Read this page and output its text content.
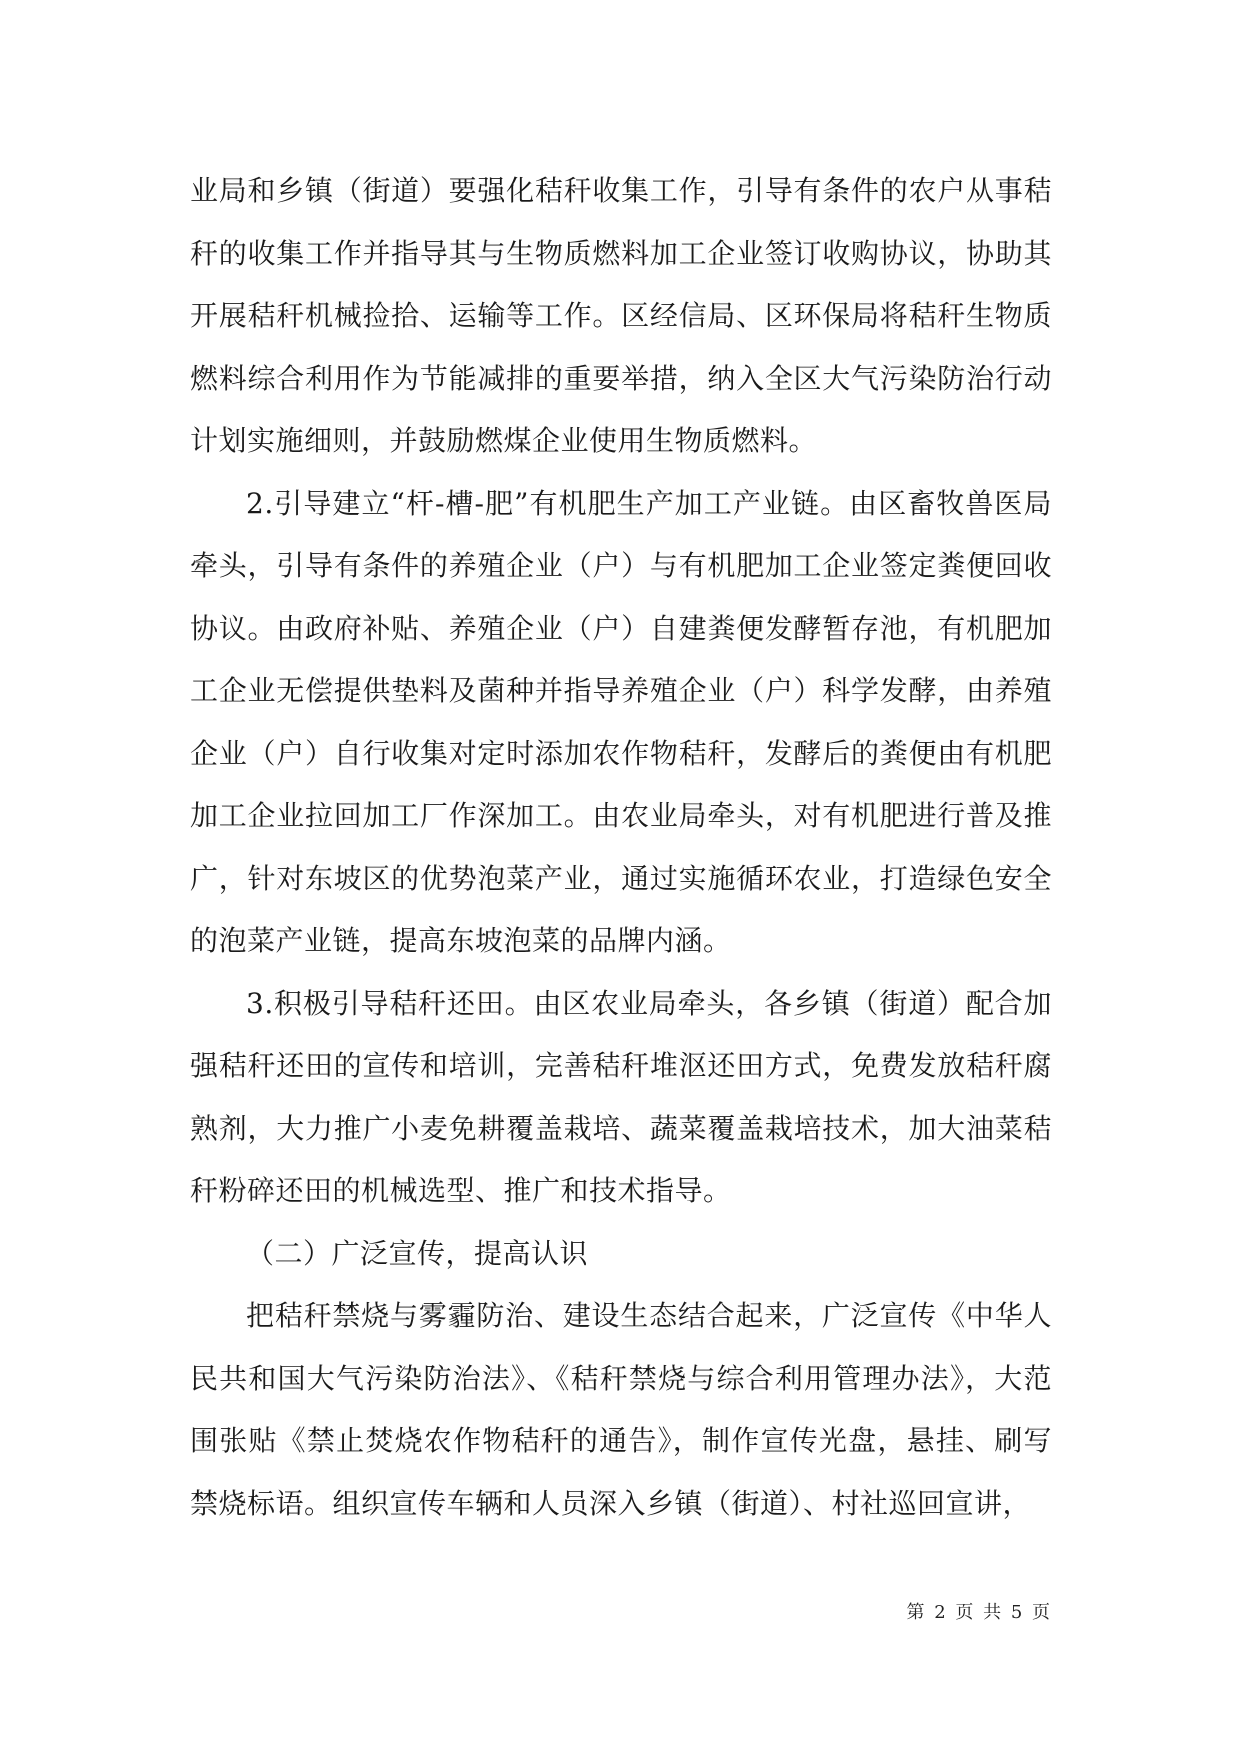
业局和乡镇（街道）要强化秸秆收集工作，引导有条件的农户从事秸秆的收集工作并指导其与生物质燃料加工企业签订收购协议，协助其开展秸秆机械捡拾、运输等工作。区经信局、区环保局将秸秆生物质燃料综合利用作为节能减排的重要举措，纳入全区大气污染防治行动计划实施细则，并鼓励燃煤企业使用生物质燃料。

2.引导建立“杆-槽-肥”有机肥生产加工产业链。由区畜牧兽医局牵头，引导有条件的养殖企业（户）与有机肥加工企业签定粪便回收协议。由政府补贴、养殖企业（户）自建粪便发酵暂存池，有机肥加工企业无偿提供垫料及菌种并指导养殖企业（户）科学发酵，由养殖企业（户）自行收集对定时添加农作物秸秆，发酵后的粪便由有机肥加工企业拉回加工厂作深加工。由农业局牵头，对有机肥进行普及推广，针对东坡区的优势泡菜产业，通过实施循环农业，打造绿色安全的泡菜产业链，提高东坡泡菜的品牌内涵。

3.积极引导秸秆还田。由区农业局牵头，各乡镇（街道）配合加强秸秆还田的宣传和培训，完善秸秆堆沤还田方式，免费发放秸秆腐熟剂，大力推广小麦免耕覆盖栽培、蔬菜覆盖栽培技术，加大油菜秸秆粉碎还田的机械选型、推广和技术指导。

（二）广泛宣传，提高认识

把秸秆禁烧与雾霾防治、建设生态结合起来，广泛宣传《中华人民共和国大气污染防治法》、《秸秆禁烧与综合利用管理办法》，大范围张贴《禁止焚烧农作物秸秆的通告》，制作宣传光盘，悬挂、刷写禁烧标语。组织宣传车辆和人员深入乡镇（街道）、村社巡回宣讲，

第 2 页 共 5 页
